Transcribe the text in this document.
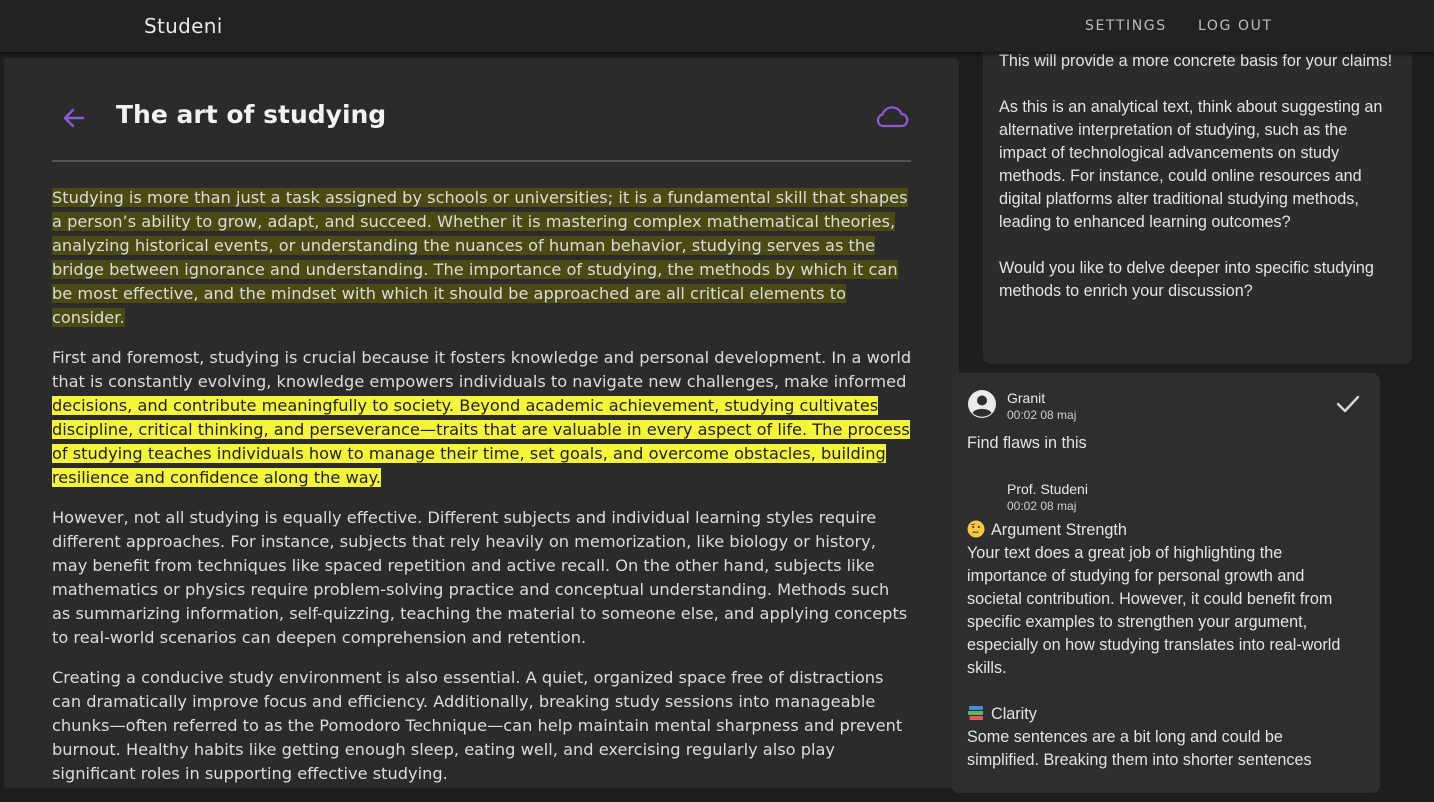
Studeni	SETTINGS LOG OUT
The art of studying

Studying is more than just a task assigned by schools or universities; it is a fundamental skill that shapes a person’s ability to grow, adapt, and succeed. Whether it is mastering complex mathematical theories, analyzing historical events, or understanding the nuances of human behavior, studying serves as the bridge between ignorance and understanding. The importance of studying, the methods by which it can be most effective, and the mindset with which it should be approached are all critical elements to consider.

First and foremost, studying is crucial because it fosters knowledge and personal development. In a world that is constantly evolving, knowledge empowers individuals to navigate new challenges, make informed decisions, and contribute meaningfully to society. Beyond academic achievement, studying cultivates discipline, critical thinking, and perseverance—traits that are valuable in every aspect of life. The process of studying teaches individuals how to manage their time, set goals, and overcome obstacles, building resilience and confidence along the way.

However, not all studying is equally effective. Different subjects and individual learning styles require different approaches. For instance, subjects that rely heavily on memorization, like biology or history, may benefit from techniques like spaced repetition and active recall. On the other hand, subjects like mathematics or physics require problem-solving practice and conceptual understanding. Methods such as summarizing information, self-quizzing, teaching the material to someone else, and applying concepts to real-world scenarios can deepen comprehension and retention.

Creating a conducive study environment is also essential. A quiet, organized space free of distractions can dramatically improve focus and efficiency. Additionally, breaking study sessions into manageable chunks—often referred to as the Pomodoro Technique—can help maintain mental sharpness and prevent burnout. Healthy habits like getting enough sleep, eating well, and exercising regularly also play significant roles in supporting effective studying.

This will provide a more concrete basis for your claims!

As this is an analytical text, think about suggesting an alternative interpretation of studying, such as the impact of technological advancements on study methods. For instance, could online resources and digital platforms alter traditional studying methods, leading to enhanced learning outcomes?

Would you like to delve deeper into specific studying methods to enrich your discussion?

Granit
00:02 08 maj
Find flaws in this
Prof. Studeni
00:02 08 maj
Argument Strength
Your text does a great job of highlighting the importance of studying for personal growth and societal contribution. However, it could benefit from specific examples to strengthen your argument, especially on how studying translates into real-world skills.
Clarity
Some sentences are a bit long and could be simplified. Breaking them into shorter sentences
